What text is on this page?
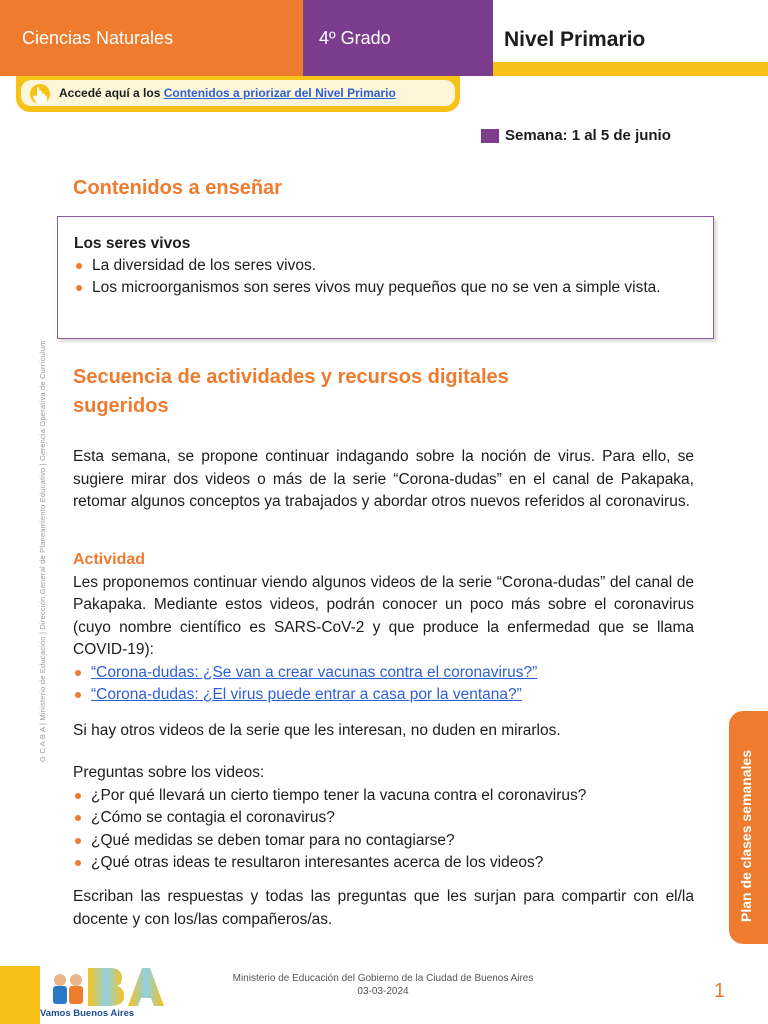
Ciencias Naturales	4º Grado	Nivel Primario
Accedé aquí a los Contenidos a priorizar del Nivel Primario
Semana: 1 al 5 de junio
G C A B A | Ministerio de Educación | Dirección General de Planeamiento Educativo | Gerencia Operativa de Currículum
Contenidos a enseñar
Los seres vivos
La diversidad de los seres vivos.
Los microorganismos son seres vivos muy pequeños que no se ven a simple vista.
Secuencia de actividades y recursos digitales
sugeridos
Esta semana, se propone continuar indagando sobre la noción de virus. Para ello, se sugiere mirar dos videos o más de la serie “Corona-dudas” en el canal de Pakapaka, retomar algunos conceptos ya trabajados y abordar otros nuevos referidos al coronavirus.
Actividad
Les proponemos continuar viendo algunos videos de la serie “Corona-dudas” del canal de Pakapaka. Mediante estos videos, podrán conocer un poco más sobre el coronavirus (cuyo nombre científico es SARS-CoV-2 y que produce la enfermedad que se llama COVID-19):
“Corona-dudas: ¿Se van a crear vacunas contra el coronavirus?”
“Corona-dudas: ¿El virus puede entrar a casa por la ventana?”
Si hay otros videos de la serie que les interesan, no duden en mirarlos.
Preguntas sobre los videos:
¿Por qué llevará un cierto tiempo tener la vacuna contra el coronavirus?
¿Cómo se contagia el coronavirus?
¿Qué medidas se deben tomar para no contagiarse?
¿Qué otras ideas te resultaron interesantes acerca de los videos?
Escriban las respuestas y todas las preguntas que les surjan para compartir con el/la docente y con los/las compañeros/as.	Plan de clases semanales
Vamos Buenos Aires
Ministerio de Educación del Gobierno de la Ciudad de Buenos Aires
03-03-2024	1
